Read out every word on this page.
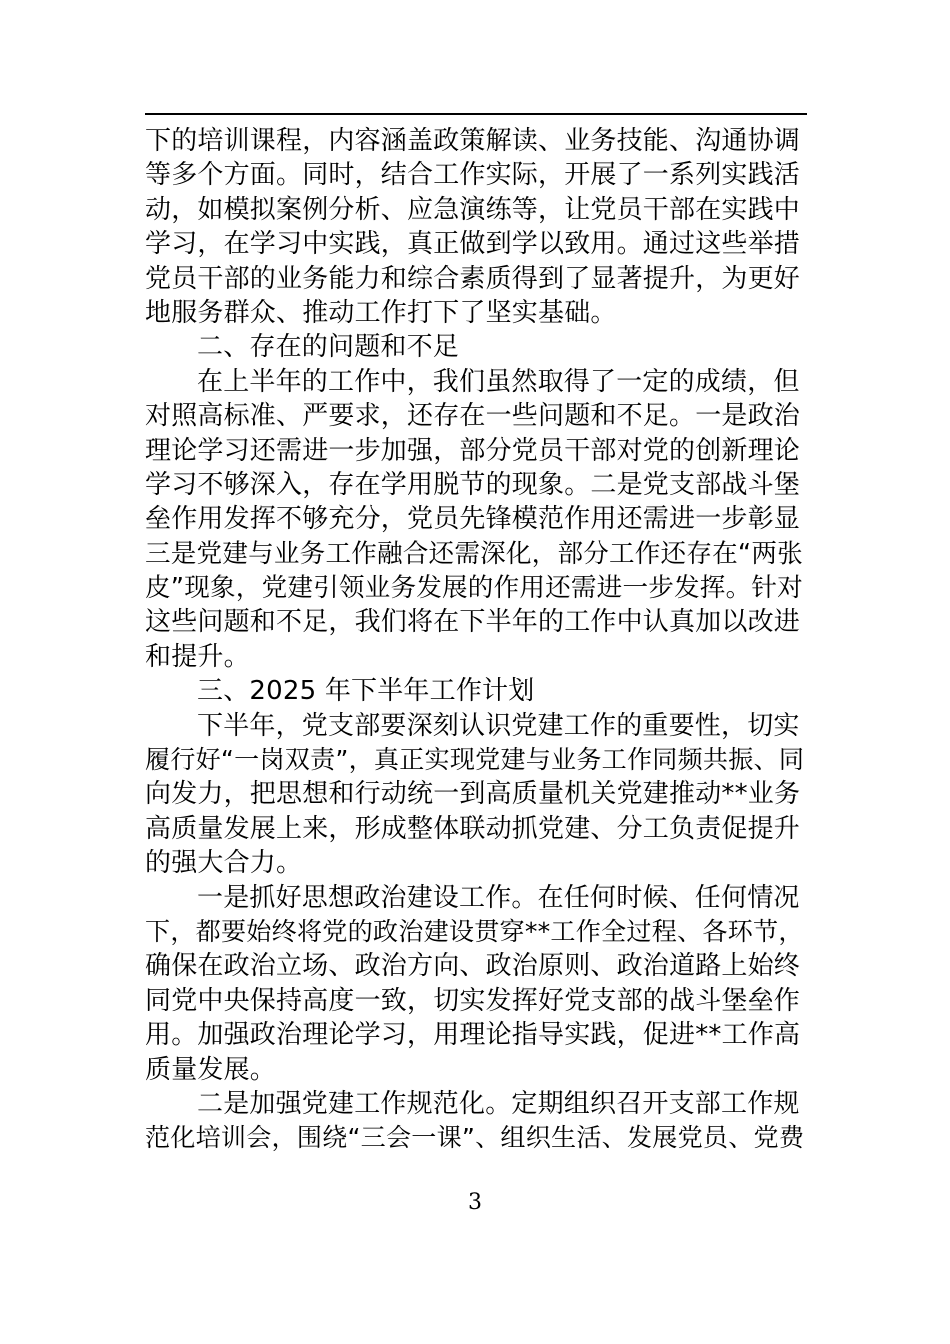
下的培训课程，内容涵盖政策解读、业务技能、沟通协调
等多个方面。同时，结合工作实际，开展了一系列实践活
动，如模拟案例分析、应急演练等，让党员干部在实践中
学习，在学习中实践，真正做到学以致用。通过这些举措
党员干部的业务能力和综合素质得到了显著提升，为更好
地服务群众、推动工作打下了坚实基础。
二、存在的问题和不足
在上半年的工作中，我们虽然取得了一定的成绩，但
对照高标准、严要求，还存在一些问题和不足。一是政治
理论学习还需进一步加强，部分党员干部对党的创新理论
学习不够深入，存在学用脱节的现象。二是党支部战斗堡
垒作用发挥不够充分，党员先锋模范作用还需进一步彰显
三是党建与业务工作融合还需深化，部分工作还存在“两张
皮”现象，党建引领业务发展的作用还需进一步发挥。针对
这些问题和不足，我们将在下半年的工作中认真加以改进
和提升。
三、2025 年下半年工作计划
下半年，党支部要深刻认识党建工作的重要性，切实
履行好“一岗双责”，真正实现党建与业务工作同频共振、同
向发力，把思想和行动统一到高质量机关党建推动**业务
高质量发展上来，形成整体联动抓党建、分工负责促提升
的强大合力。
一是抓好思想政治建设工作。在任何时候、任何情况
下，都要始终将党的政治建设贯穿**工作全过程、各环节，
确保在政治立场、政治方向、政治原则、政治道路上始终
同党中央保持高度一致，切实发挥好党支部的战斗堡垒作
用。加强政治理论学习，用理论指导实践，促进**工作高
质量发展。
二是加强党建工作规范化。定期组织召开支部工作规
范化培训会，围绕“三会一课”、组织生活、发展党员、党费
3
